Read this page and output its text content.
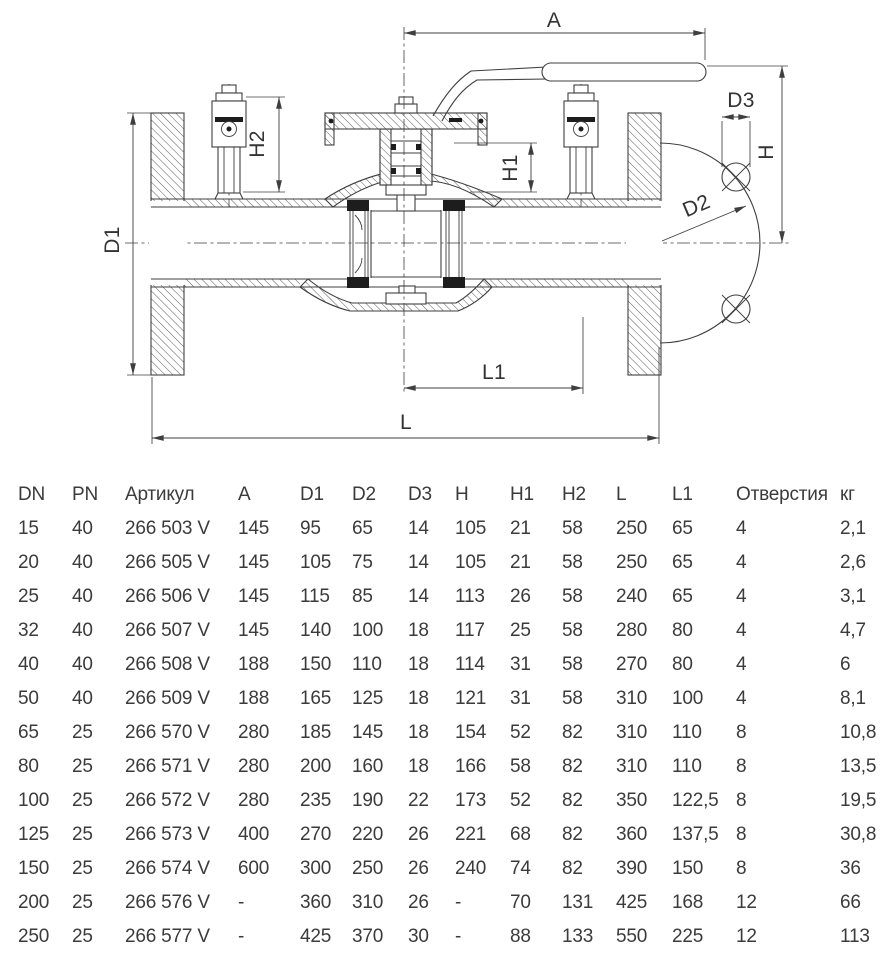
A
H
D3
D2
H2
H1
D1
L1
L
DN	PN	Артикул	A	D1	D2	D3	H	H1	H2	L	L1	Отверстия	кг
15	40	266 503 V	145	95	65	14	105	21	58	250	65	4	2,1
20	40	266 505 V	145	105	75	14	105	21	58	250	65	4	2,6
25	40	266 506 V	145	115	85	14	113	26	58	240	65	4	3,1
32	40	266 507 V	145	140	100	18	117	25	58	280	80	4	4,7
40	40	266 508 V	188	150	110	18	114	31	58	270	80	4	6
50	40	266 509 V	188	165	125	18	121	31	58	310	100	4	8,1
65	25	266 570 V	280	185	145	18	154	52	82	310	110	8	10,8
80	25	266 571 V	280	200	160	18	166	58	82	310	110	8	13,5
100	25	266 572 V	280	235	190	22	173	52	82	350	122,5	8	19,5
125	25	266 573 V	400	270	220	26	221	68	82	360	137,5	8	30,8
150	25	266 574 V	600	300	250	26	240	74	82	390	150	8	36
200	25	266 576 V	-	360	310	26	-	70	131	425	168	12	66
250	25	266 577 V	-	425	370	30	-	88	133	550	225	12	113
